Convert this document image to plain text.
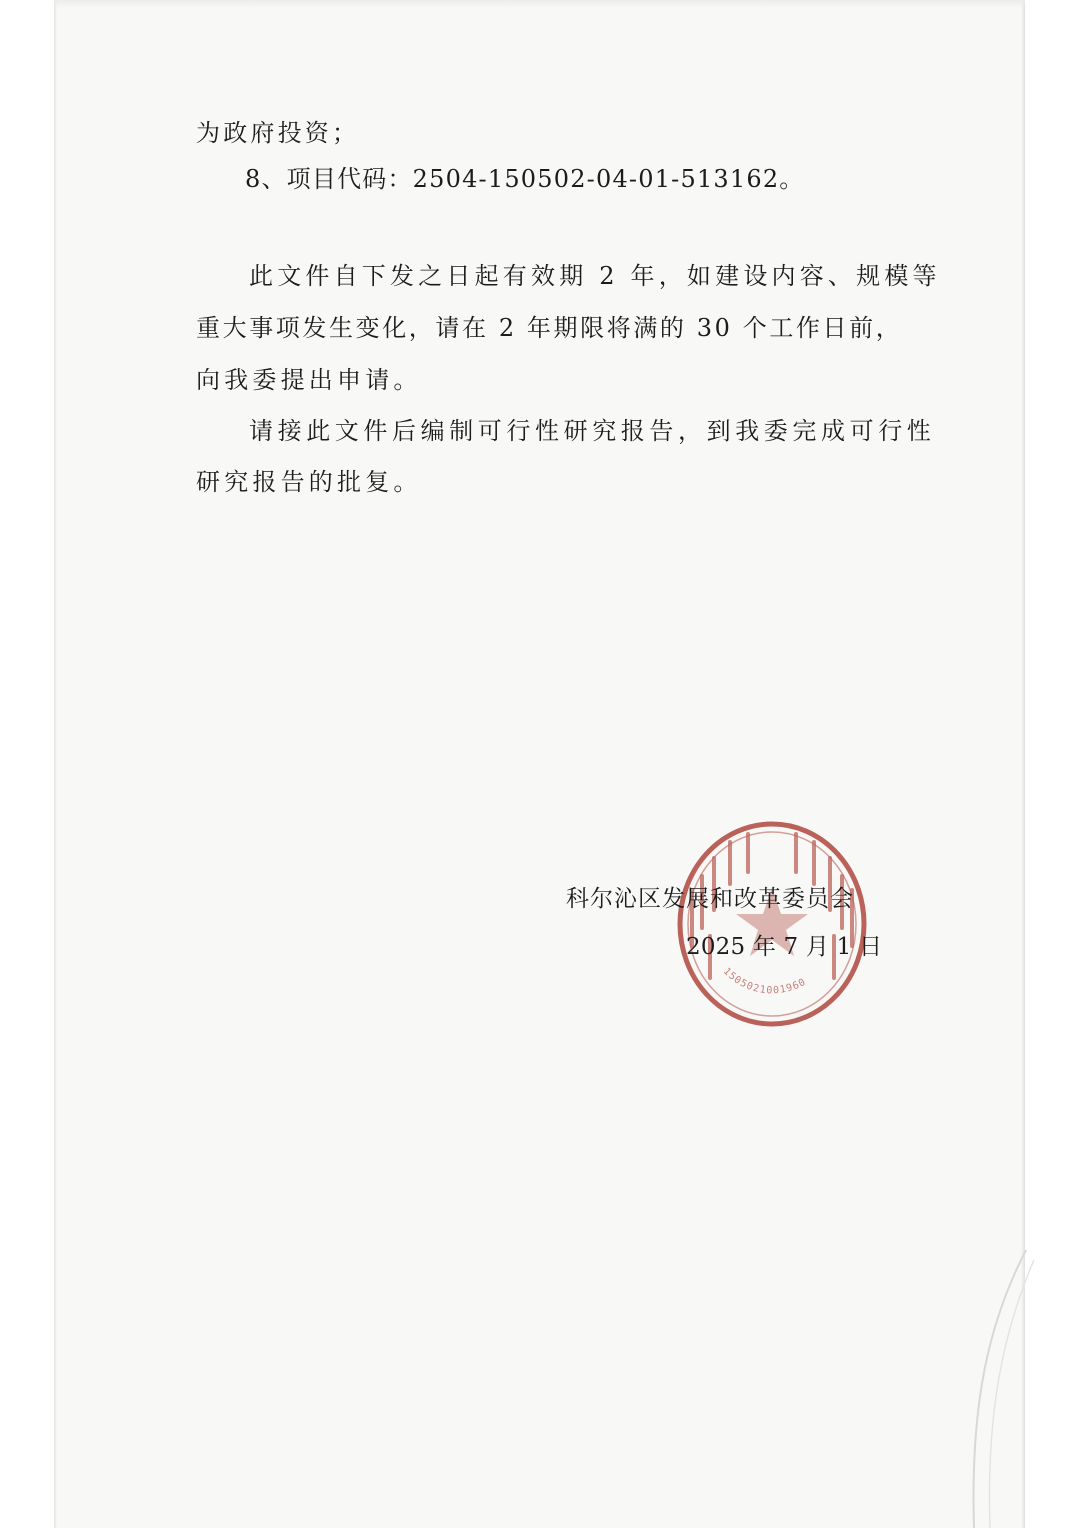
为政府投资；
8、项目代码：2504-150502-04-01-513162。
此文件自下发之日起有效期 2 年，如建设内容、规模等
重大事项发生变化，请在 2 年期限将满的 30 个工作日前，
向我委提出申请。
请接此文件后编制可行性研究报告，到我委完成可行性
研究报告的批复。
1505021001960
科尔沁区发展和改革委员会
2025 年 7 月 1 日
